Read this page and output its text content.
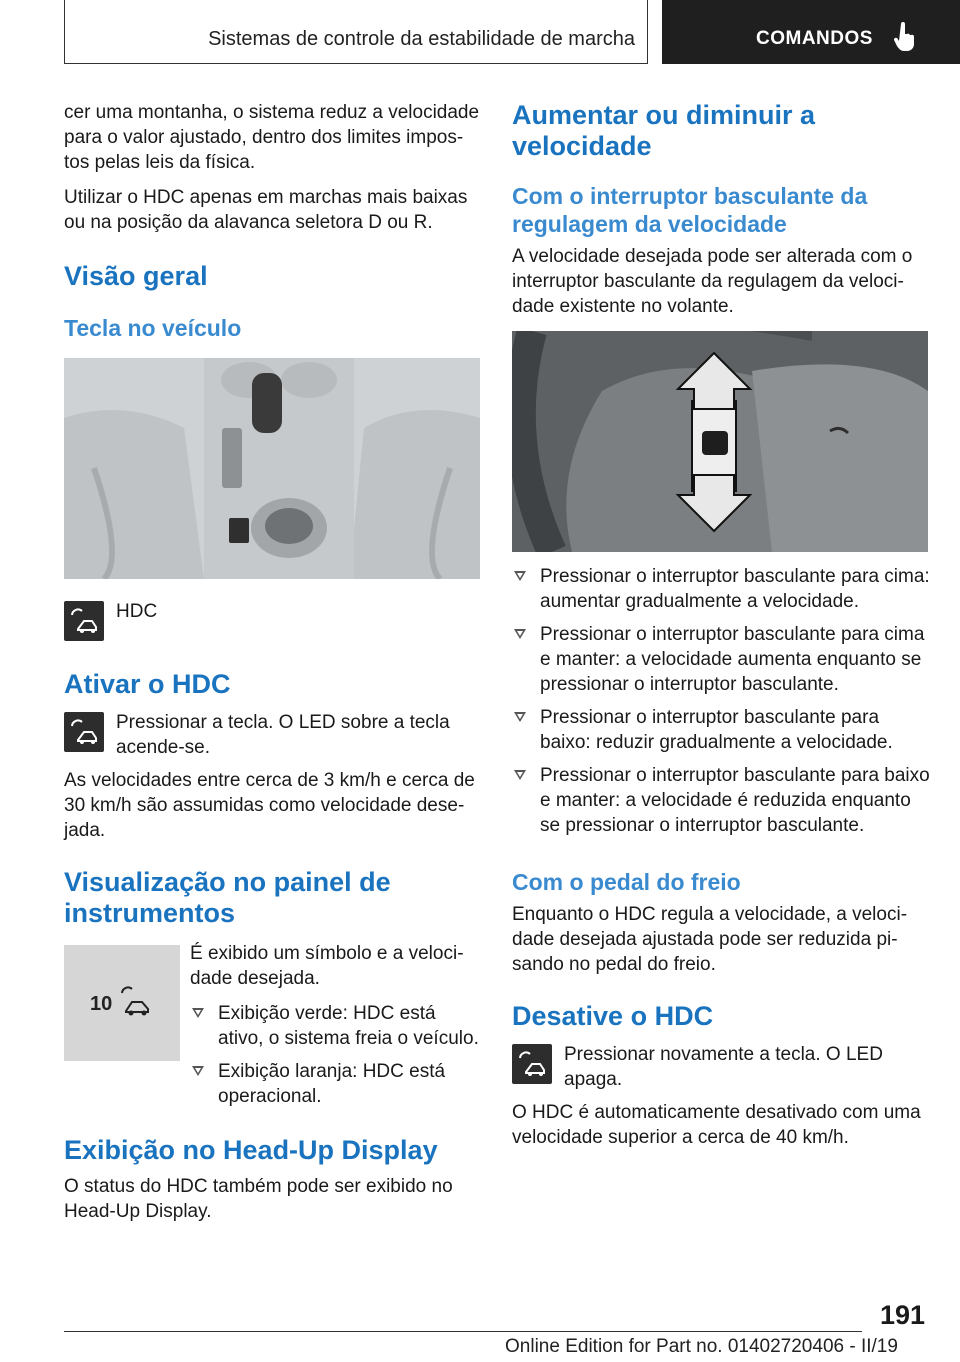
Sistemas de controle da estabilidade de marcha	COMANDOS

cer uma montanha, o sistema reduz a velocidade para o valor ajustado, dentro dos limites impostos pelas leis da física.

Utilizar o HDC apenas em marchas mais baixas ou na posição da alavanca seletora D ou R.

Visão geral
Tecla no veículo
HDC
Ativar o HDC
Pressionar a tecla. O LED sobre a tecla acende-se.

As velocidades entre cerca de 3 km/h e cerca de 30 km/h são assumidas como velocidade desejada.

Visualização no painel de instrumentos
10

É exibido um símbolo e a velocidade desejada.

Exibição verde: HDC está ativo, o sistema freia o veículo.
Exibição laranja: HDC está operacional.
Exibição no Head-Up Display

O status do HDC também pode ser exibido no Head-Up Display.

Aumentar ou diminuir a velocidade
Com o interruptor basculante da regulagem da velocidade

A velocidade desejada pode ser alterada com o interruptor basculante da regulagem da velocidade existente no volante.

Pressionar o interruptor basculante para cima: aumentar gradualmente a velocidade.
Pressionar o interruptor basculante para cima e manter: a velocidade aumenta enquanto se pressionar o interruptor basculante.
Pressionar o interruptor basculante para baixo: reduzir gradualmente a velocidade.
Pressionar o interruptor basculante para baixo e manter: a velocidade é reduzida enquanto se pressionar o interruptor basculante.
Com o pedal do freio

Enquanto o HDC regula a velocidade, a velocidade desejada ajustada pode ser reduzida pisando no pedal do freio.

Desative o HDC
Pressionar novamente a tecla. O LED apaga.

O HDC é automaticamente desativado com uma velocidade superior a cerca de 40 km/h.

191
Online Edition for Part no. 01402720406 - II/19
